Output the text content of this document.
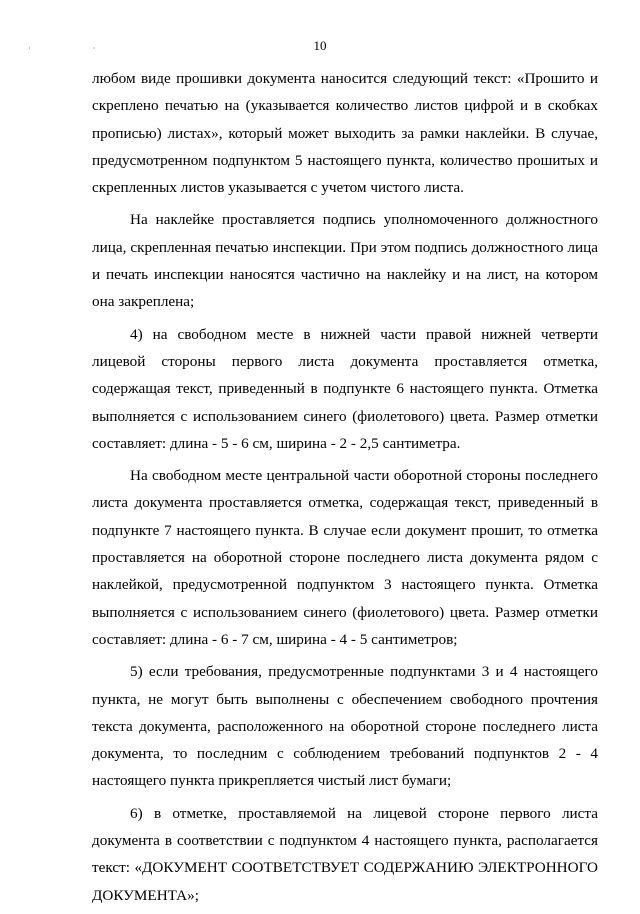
· ·	10

любом виде прошивки документа наносится следующий текст: «Прошито и скреплено печатью на (указывается количество листов цифрой и в скобках прописью) листах», который может выходить за рамки наклейки. В случае, предусмотренном подпунктом 5 настоящего пункта, количество прошитых и скрепленных листов указывается с учетом чистого листа.

На наклейке проставляется подпись уполномоченного должностного лица, скрепленная печатью инспекции. При этом подпись должностного лица и печать инспекции наносятся частично на наклейку и на лист, на котором она закреплена;

4) на свободном месте в нижней части правой нижней четверти лицевой стороны первого листа документа проставляется отметка, содержащая текст, приведенный в подпункте 6 настоящего пункта. Отметка выполняется с использованием синего (фиолетового) цвета. Размер отметки составляет: длина - 5 - 6 см, ширина - 2 - 2,5 сантиметра.

На свободном месте центральной части оборотной стороны последнего листа документа проставляется отметка, содержащая текст, приведенный в подпункте 7 настоящего пункта. В случае если документ прошит, то отметка проставляется на оборотной стороне последнего листа документа рядом с наклейкой, предусмотренной подпунктом 3 настоящего пункта. Отметка выполняется с использованием синего (фиолетового) цвета. Размер отметки составляет: длина - 6 - 7 см, ширина - 4 - 5 сантиметров;

5) если требования, предусмотренные подпунктами 3 и 4 настоящего пункта, не могут быть выполнены с обеспечением свободного прочтения текста документа, расположенного на оборотной стороне последнего листа документа, то последним с соблюдением требований подпунктов 2 - 4 настоящего пункта прикрепляется чистый лист бумаги;

6) в отметке, проставляемой на лицевой стороне первого листа документа в соответствии с подпунктом 4 настоящего пункта, располагается текст: «ДОКУМЕНТ СООТВЕТСТВУЕТ СОДЕРЖАНИЮ ЭЛЕКТРОННОГО ДОКУМЕНТА»;
